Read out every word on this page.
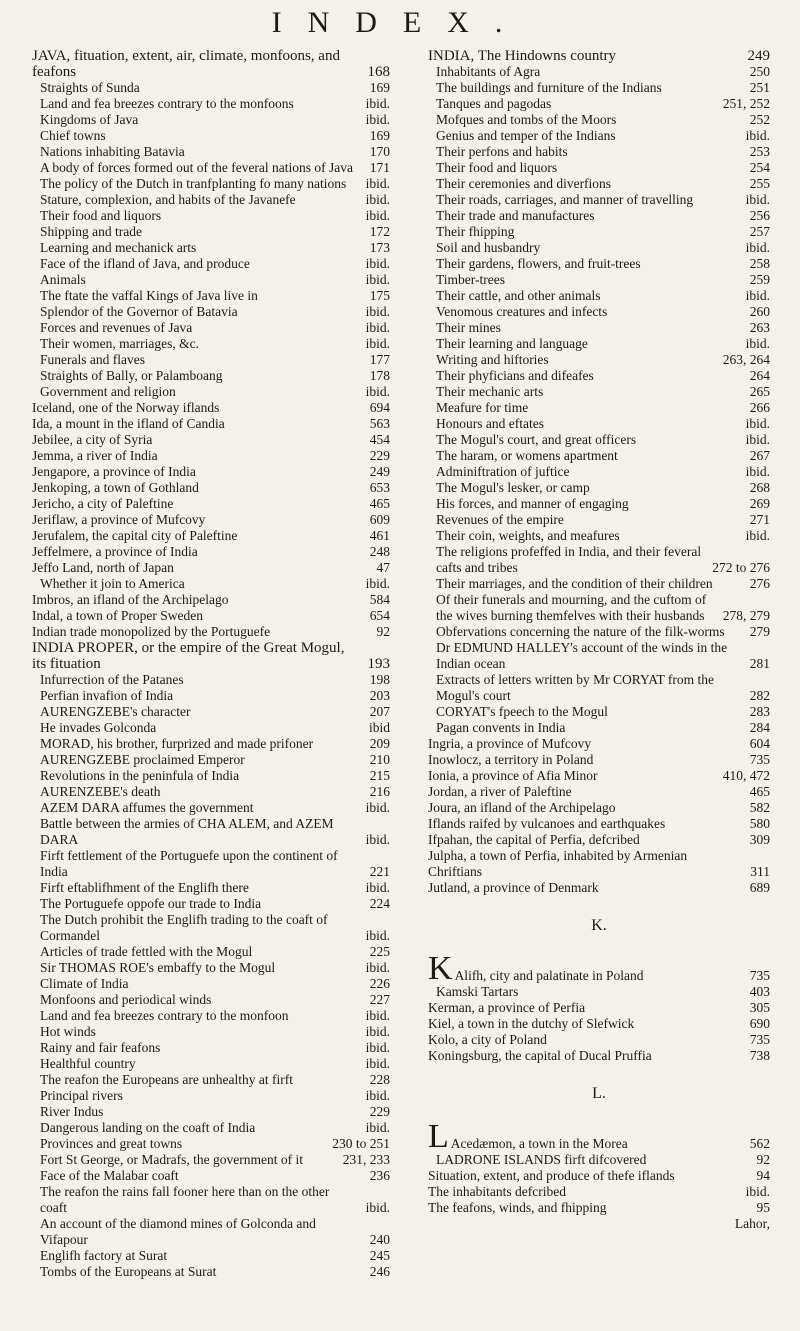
INDEX.
JAVA, fituation, extent, air, climate, monfoons, and feafons	168
Straights of Sunda	169
Land and fea breezes contrary to the monfoons	ibid.
Kingdoms of Java	ibid.
Chief towns	169
Nations inhabiting Batavia	170
A body of forces formed out of the feveral nations of Java	171
The policy of the Dutch in tranfplanting fo many nations	ibid.
Stature, complexion, and habits of the Javanefe	ibid.
Their food and liquors	ibid.
Shipping and trade	172
Learning and mechanick arts	173
Face of the ifland of Java, and produce	ibid.
Animals	ibid.
The ftate the vaffal Kings of Java live in	175
Splendor of the Governor of Batavia	ibid.
Forces and revenues of Java	ibid.
Their women, marriages, &c.	ibid.
Funerals and flaves	177
Straights of Bally, or Palamboang	178
Government and religion	ibid.
Iceland, one of the Norway iflands	694
Ida, a mount in the ifland of Candia	563
Jebilee, a city of Syria	454
Jemma, a river of India	229
Jengapore, a province of India	249
Jenkoping, a town of Gothland	653
Jericho, a city of Paleftine	465
Jeriflaw, a province of Mufcovy	609
Jerufalem, the capital city of Paleftine	461
Jeffelmere, a province of India	248
Jeffo Land, north of Japan	47
Whether it join to America	ibid.
Imbros, an ifland of the Archipelago	584
Indal, a town of Proper Sweden	654
Indian trade monopolized by the Portuguefe	92
INDIA PROPER, or the empire of the Great Mogul, its fituation	193
Infurrection of the Patanes	198
Perfian invafion of India	203
AURENGZEBE's character	207
He invades Golconda	ibid
MORAD, his brother, furprized and made prifoner	209
AURENGZEBE proclaimed Emperor	210
Revolutions in the peninfula of India	215
AURENZEBE's death	216
AZEM DARA affumes the government	ibid.
Battle between the armies of CHA ALEM, and AZEM DARA	ibid.
Firft fettlement of the Portuguefe upon the continent of India	221
Firft eftablifhment of the Englifh there	ibid.
The Portuguefe oppofe our trade to India	224
The Dutch prohibit the Englifh trading to the coaft of Cormandel	ibid.
Articles of trade fettled with the Mogul	225
Sir THOMAS ROE's embaffy to the Mogul	ibid.
Climate of India	226
Monfoons and periodical winds	227
Land and fea breezes contrary to the monfoon	ibid.
Hot winds	ibid.
Rainy and fair feafons	ibid.
Healthful country	ibid.
The reafon the Europeans are unhealthy at firft	228
Principal rivers	ibid.
River Indus	229
Dangerous landing on the coaft of India	ibid.
Provinces and great towns	230 to 251
Fort St George, or Madrafs, the government of it	231, 233
Face of the Malabar coaft	236
The reafon the rains fall fooner here than on the other coaft	ibid.
An account of the diamond mines of Golconda and Vifapour	240
Englifh factory at Surat	245
Tombs of the Europeans at Surat	246
INDIA, The Hindowns country	249
Inhabitants of Agra	250
The buildings and furniture of the Indians	251
Tanques and pagodas	251, 252
Mofques and tombs of the Moors	252
Genius and temper of the Indians	ibid.
Their perfons and habits	253
Their food and liquors	254
Their ceremonies and diverfions	255
Their roads, carriages, and manner of travelling	ibid.
Their trade and manufactures	256
Their fhipping	257
Soil and husbandry	ibid.
Their gardens, flowers, and fruit-trees	258
Timber-trees	259
Their cattle, and other animals	ibid.
Venomous creatures and infects	260
Their mines	263
Their learning and language	ibid.
Writing and hiftories	263, 264
Their phyficians and difeafes	264
Their mechanic arts	265
Meafure for time	266
Honours and eftates	ibid.
The Mogul's court, and great officers	ibid.
The haram, or womens apartment	267
Adminiftration of juftice	ibid.
The Mogul's lesker, or camp	268
His forces, and manner of engaging	269
Revenues of the empire	271
Their coin, weights, and meafures	ibid.
The religions profeffed in India, and their feveral cafts and tribes	272 to 276
Their marriages, and the condition of their children	276
Of their funerals and mourning, and the cuftom of the wives burning themfelves with their husbands	278, 279
Obfervations concerning the nature of the filk-worms	279
Dr EDMUND HALLEY's account of the winds in the Indian ocean	281
Extracts of letters written by Mr CORYAT from the Mogul's court	282
CORYAT's fpeech to the Mogul	283
Pagan convents in India	284
Ingria, a province of Mufcovy	604
Inowlocz, a territory in Poland	735
Ionia, a province of Afia Minor	410, 472
Jordan, a river of Paleftine	465
Joura, an ifland of the Archipelago	582
Iflands raifed by vulcanoes and earthquakes	580
Ifpahan, the capital of Perfia, defcribed	309
Julpha, a town of Perfia, inhabited by Armenian Chriftians	311
Jutland, a province of Denmark	689
K.
K Alifh, city and palatinate in Poland	735
Kamski Tartars	403
Kerman, a province of Perfia	305
Kiel, a town in the dutchy of Slefwick	690
Kolo, a city of Poland	735
Koningsburg, the capital of Ducal Pruffia	738
L.
L Acedæmon, a town in the Morea	562
LADRONE ISLANDS firft difcovered	92
Situation, extent, and produce of thefe iflands	94
The inhabitants defcribed	ibid.
The feafons, winds, and fhipping	95
Lahor,
